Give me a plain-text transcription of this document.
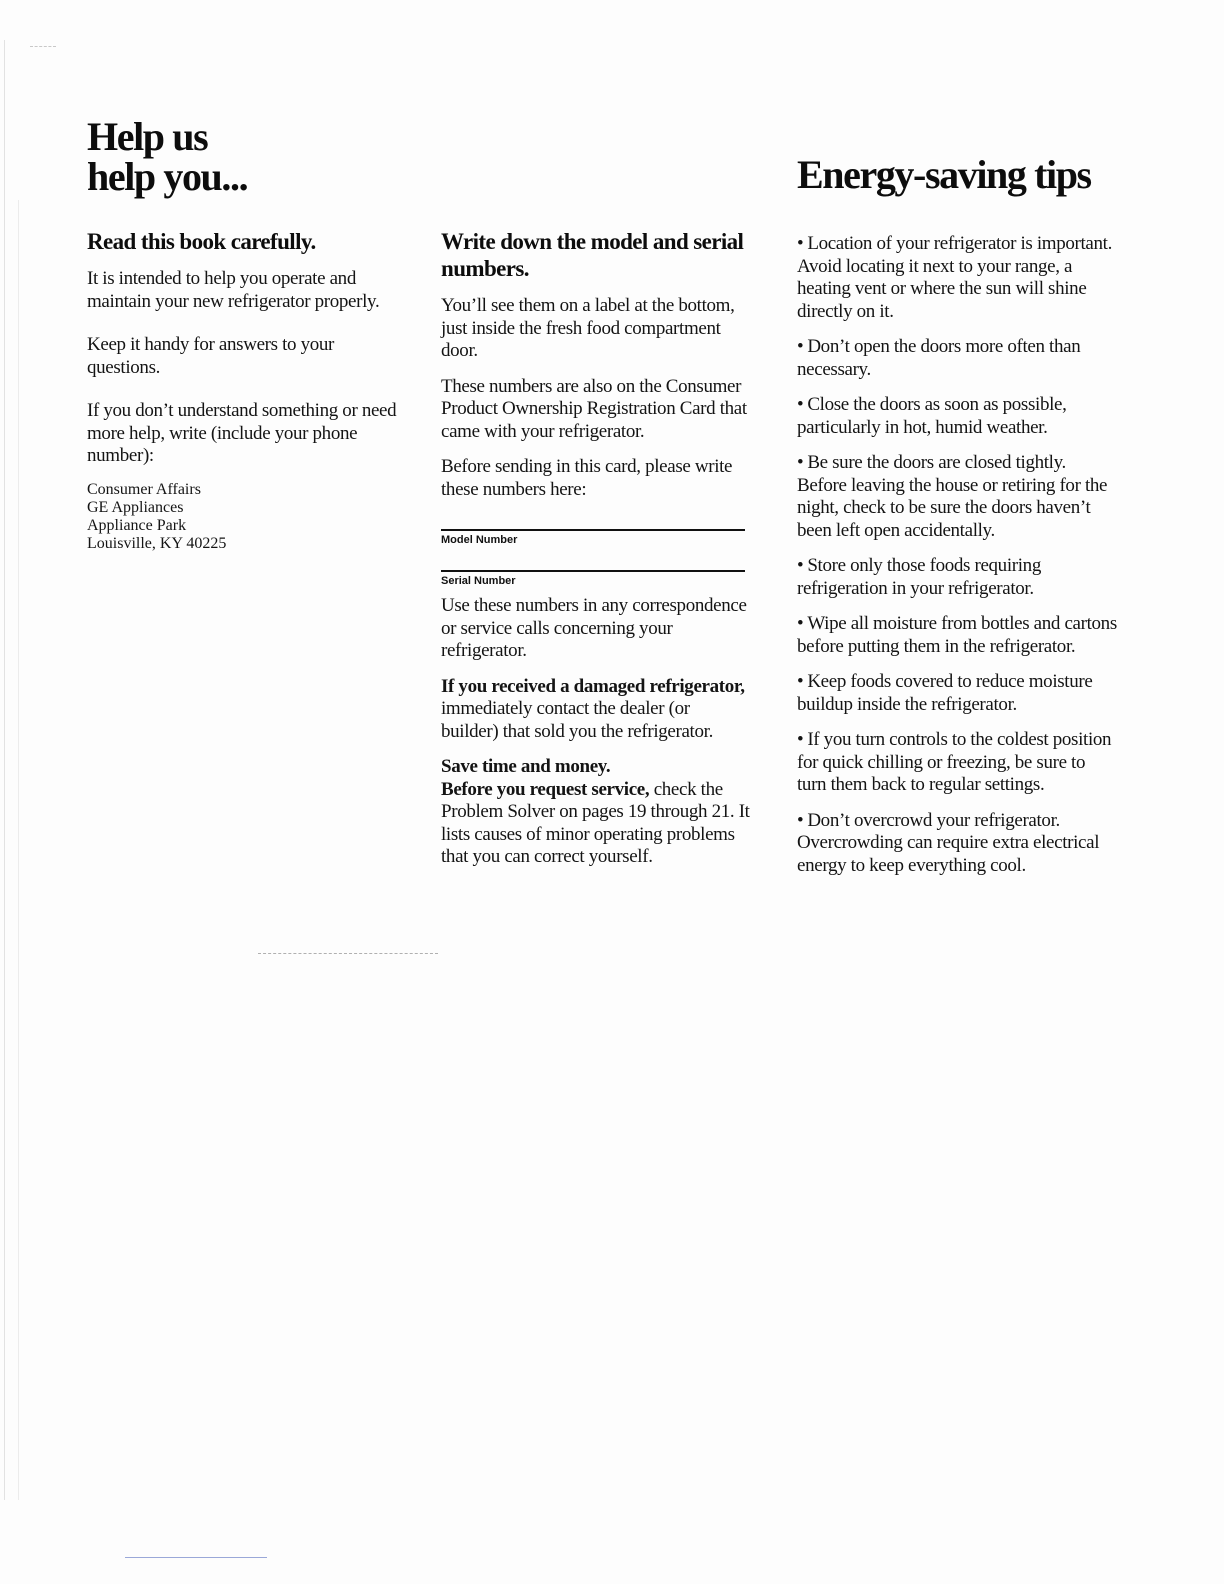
Help us
help you...	Energy-saving tips
Read this book carefully.

It is intended to help you operate and maintain your new refrigerator properly.

Keep it handy for answers to your questions.

If you don’t understand something or need more help, write (include your phone number):

Consumer Affairs
GE Appliances
Appliance Park
Louisville, KY 40225
Write down the model and serial numbers.

You’ll see them on a label at the bottom, just inside the fresh food compartment door.

These numbers are also on the Consumer Product Ownership Registration Card that came with your refrigerator.

Before sending in this card, please write these numbers here:

Model Number
Serial Number

Use these numbers in any correspondence or service calls concerning your refrigerator.

If you received a damaged refrigerator, immediately contact the dealer (or builder) that sold you the refrigerator.

Save time and money.

Before you request service, check the Problem Solver on pages 19 through 21. It lists causes of minor operating problems that you can correct yourself.

• Location of your refrigerator is important. Avoid locating it next to your range, a heating vent or where the sun will shine directly on it.
• Don’t open the doors more often than necessary.
• Close the doors as soon as possible, particularly in hot, humid weather.
• Be sure the doors are closed tightly. Before leaving the house or retiring for the night, check to be sure the doors haven’t been left open accidentally.
• Store only those foods requiring refrigeration in your refrigerator.
• Wipe all moisture from bottles and cartons before putting them in the refrigerator.
• Keep foods covered to reduce moisture buildup inside the refrigerator.
• If you turn controls to the coldest position for quick chilling or freezing, be sure to turn them back to regular settings.
• Don’t overcrowd your refrigerator. Overcrowding can require extra electrical energy to keep everything cool.
